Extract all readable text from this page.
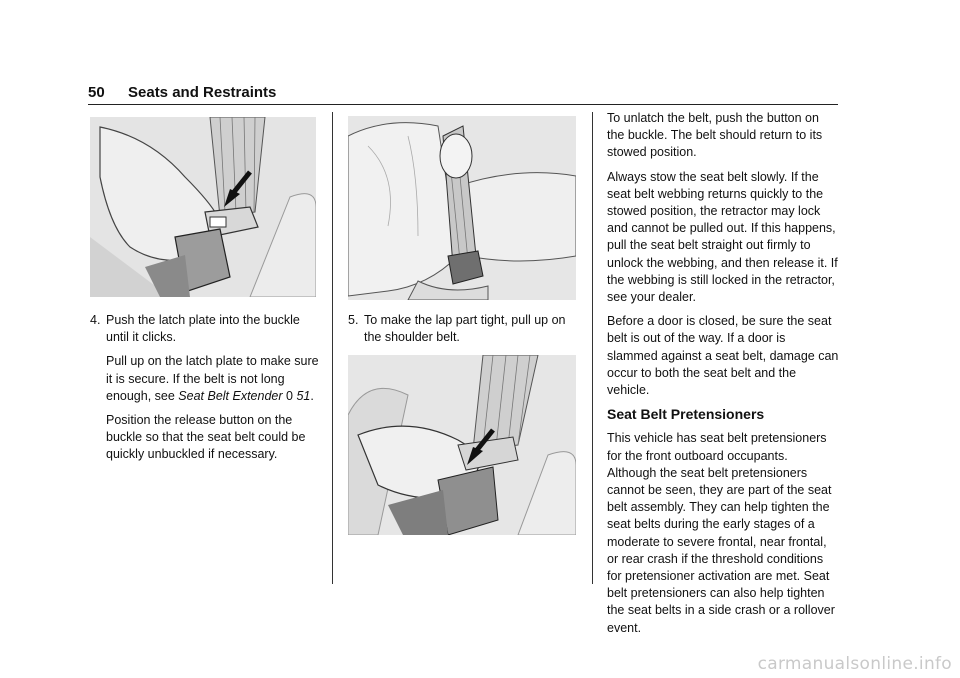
50 Seats and Restraints

4. Push the latch plate into the buckle until it clicks.

Pull up on the latch plate to make sure it is secure. If the belt is not long enough, see Seat Belt Extender 0 51.

Position the release button on the buckle so that the seat belt could be quickly unbuckled if necessary.

5. To make the lap part tight, pull up on the shoulder belt.

To unlatch the belt, push the button on the buckle. The belt should return to its stowed position.

Always stow the seat belt slowly. If the seat belt webbing returns quickly to the stowed position, the retractor may lock and cannot be pulled out. If this happens, pull the seat belt straight out firmly to unlock the webbing, and then release it. If the webbing is still locked in the retractor, see your dealer.

Before a door is closed, be sure the seat belt is out of the way. If a door is slammed against a seat belt, damage can occur to both the seat belt and the vehicle.

Seat Belt Pretensioners

This vehicle has seat belt pretensioners for the front outboard occupants. Although the seat belt pretensioners cannot be seen, they are part of the seat belt assembly. They can help tighten the seat belts during the early stages of a moderate to severe frontal, near frontal, or rear crash if the threshold conditions for pretensioner activation are met. Seat belt pretensioners can also help tighten the seat belts in a side crash or a rollover event.

carmanualsonline.info
